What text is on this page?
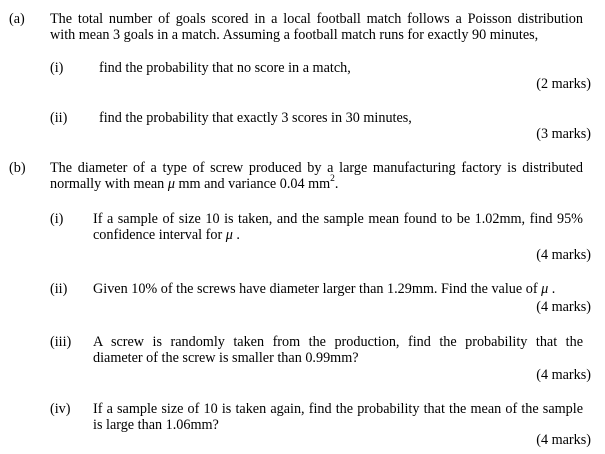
(a) The total number of goals scored in a local football match follows a Poisson distribution
with mean 3 goals in a match. Assuming a football match runs for exactly 90 minutes,
(i)	find the probability that no score in a match,
(2 marks)
(ii) find the probability that exactly 3 scores in 30 minutes,
(3 marks)
(b) The diameter of a type of screw produced by a large manufacturing factory is distributed
normally with mean μ mm and variance 0.04 $mm^2$.
(i) If a sample of size 10 is taken, and the sample mean found to be 1.02mm, find 95%
confidence interval for μ .
(4 marks)
(ii) Given 10% of the screws have diameter larger than 1.29mm. Find the value of μ .
(4 marks)
(iii) A screw is randomly taken from the production, find the probability that the
diameter of the screw is smaller than 0.99mm?
(4 marks)
(iv) If a sample size of 10 is taken again, find the probability that the mean of the sample
is large than 1.06mm?
(4 marks)
